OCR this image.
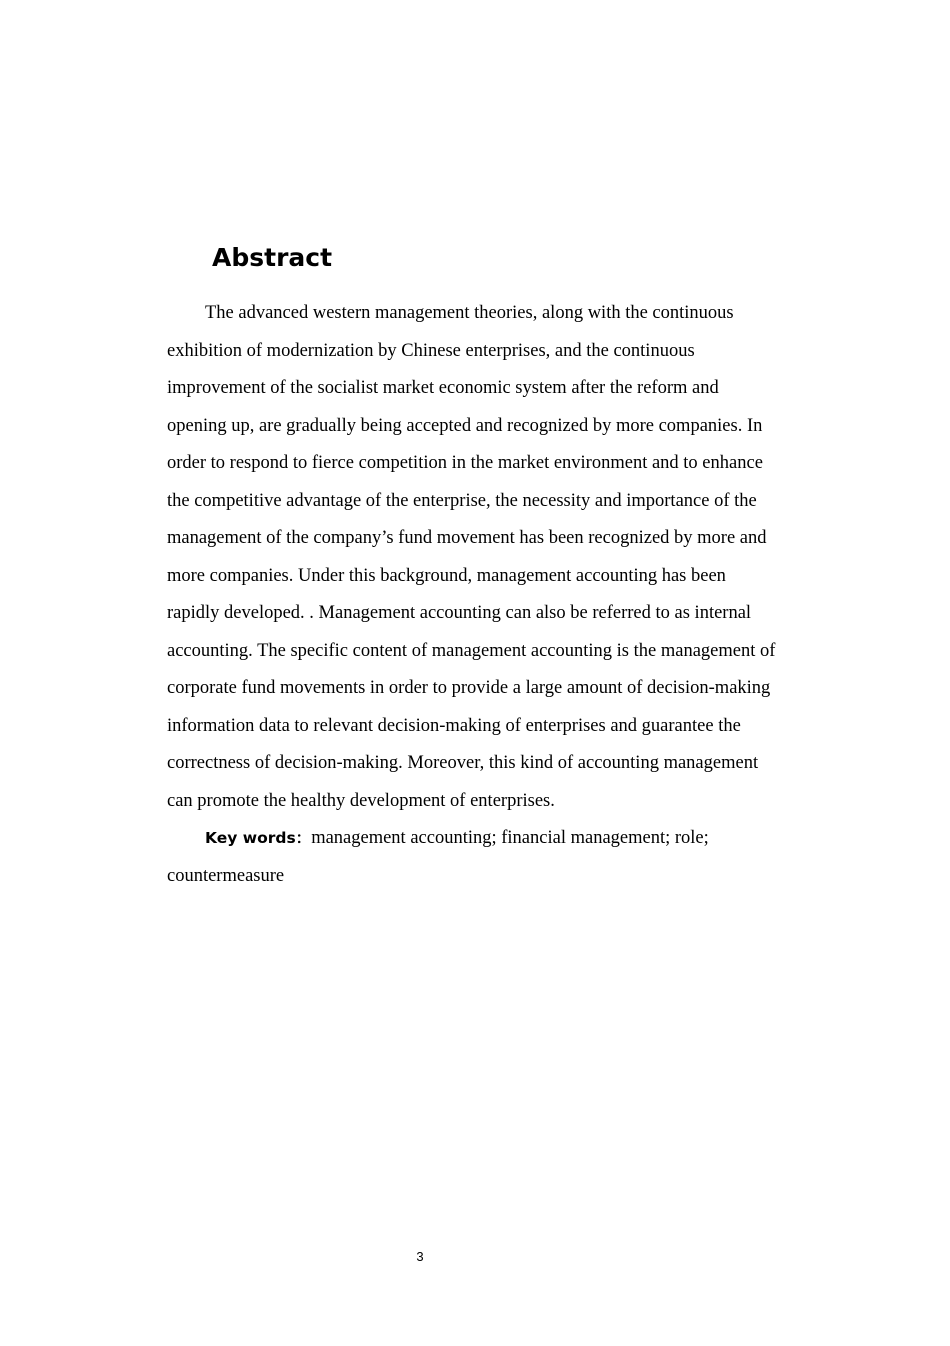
Abstract
The advanced western management theories, along with the continuous
exhibition of modernization by Chinese enterprises, and the continuous
improvement of the socialist market economic system after the reform and
opening up, are gradually being accepted and recognized by more companies. In
order to respond to fierce competition in the market environment and to enhance
the competitive advantage of the enterprise, the necessity and importance of the
management of the company’s fund movement has been recognized by more and
more companies. Under this background, management accounting has been
rapidly developed. . Management accounting can also be referred to as internal
accounting. The specific content of management accounting is the management of
corporate fund movements in order to provide a large amount of decision-making
information data to relevant decision-making of enterprises and guarantee the
correctness of decision-making. Moreover, this kind of accounting management
can promote the healthy development of enterprises.
Key words：management accounting; financial management; role;
countermeasure
3
